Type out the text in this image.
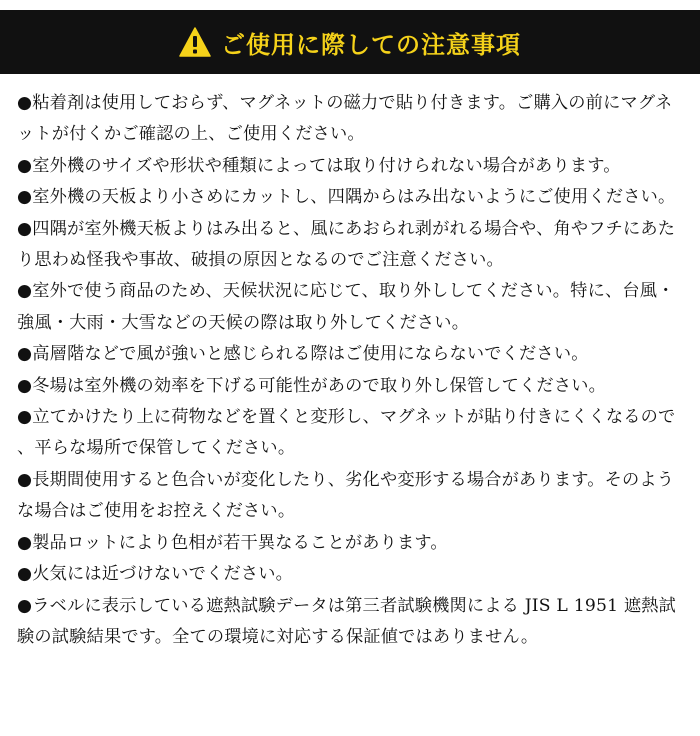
ご使用に際しての注意事項
●粘着剤は使用しておらず、マグネットの磁力で貼り付きます。ご購入の前にマグネットが付くかご確認の上、ご使用ください。
●室外機のサイズや形状や種類によっては取り付けられない場合があります。
●室外機の天板より小さめにカットし、四隅からはみ出ないようにご使用ください。
●四隅が室外機天板よりはみ出ると、風にあおられ剥がれる場合や、角やフチにあたり思わぬ怪我や事故、破損の原因となるのでご注意ください。
●室外で使う商品のため、天候状況に応じて、取り外ししてください。特に、台風・強風・大雨・大雪などの天候の際は取り外してください。
●高層階などで風が強いと感じられる際はご使用にならないでください。
●冬場は室外機の効率を下げる可能性があので取り外し保管してください。
●立てかけたり上に荷物などを置くと変形し、マグネットが貼り付きにくくなるので、平らな場所で保管してください。
●長期間使用すると色合いが変化したり、劣化や変形する場合があります。そのような場合はご使用をお控えください。
●製品ロットにより色相が若干異なることがあります。
●火気には近づけないでください。
●ラベルに表示している遮熱試験データは第三者試験機関による JIS L 1951 遮熱試験の試験結果です。全ての環境に対応する保証値ではありません。
